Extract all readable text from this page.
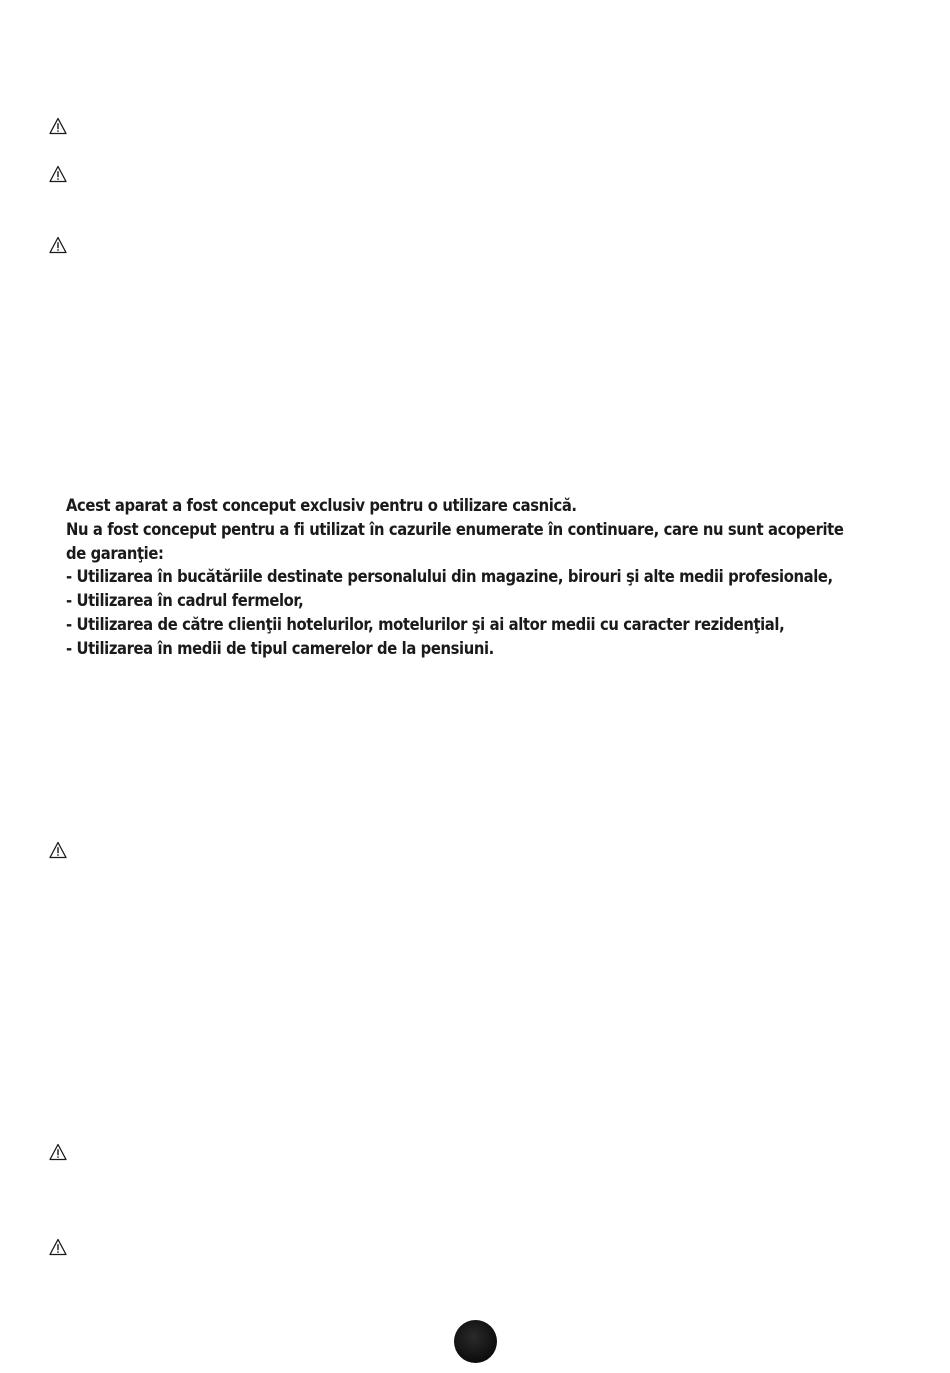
Acest aparat a fost conceput exclusiv pentru o utilizare casnică.

Nu a fost conceput pentru a fi utilizat în cazurile enumerate în continuare, care nu sunt acoperite

de garanţie:

- Utilizarea în bucătăriile destinate personalului din magazine, birouri şi alte medii profesionale,
- Utilizarea în cadrul fermelor,
- Utilizarea de către clienţii hotelurilor, motelurilor şi ai altor medii cu caracter rezidenţial,
- Utilizarea în medii de tipul camerelor de la pensiuni.
